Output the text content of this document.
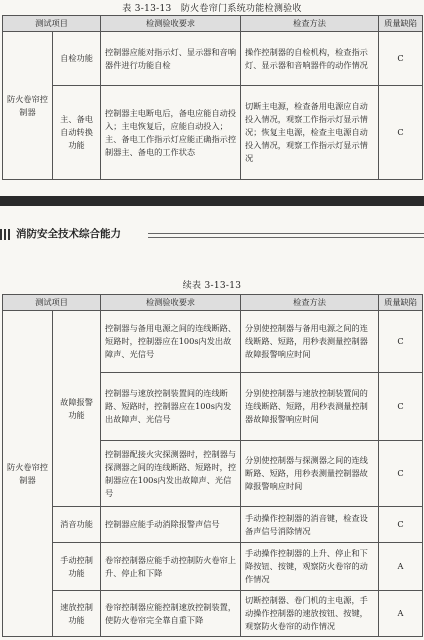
表 3-13-13　防火卷帘门系统功能检测验收
测试项目		检测验收要求	检查方法	质量缺陷
防火卷帘控制器	自检功能	控制器应能对指示灯、显示器和音响器件进行功能自检	操作控制器的自检机构，检查指示灯、显示器和音响器件的动作情况	C
	主、备电自动转换功能	控制器主电断电后，备电应能自动投入；主电恢复后，应能自动投入；主、备电工作指示灯应能正确指示控制器主、备电的工作状态	切断主电源，检查备用电源应自动投入情况，观察工作指示灯显示情况；恢复主电源，检查主电源自动投入情况，观察工作指示灯显示情况	C
消防安全技术综合能力
续表 3-13-13
测试项目		检测验收要求	检查方法	质量缺陷
防火卷帘控制器	故障报警功能	控制器与备用电源之间的连线断路、短路时，控制器应在100s内发出故障声、光信号	分别使控制器与备用电源之间的连线断路、短路，用秒表测量控制器故障报警响应时间	C
		控制器与速放控制装置间的连线断路、短路时，控制器应在100s内发出故障声、光信号	分别使控制器与速放控制装置间的连线断路、短路，用秒表测量控制器故障报警响应时间	C
		控制器配接火灾探测器时，控制器与探测器之间的连线断路、短路时，控制器应在100s内发出故障声、光信号	分别使控制器与探测器之间的连线断路、短路，用秒表测量控制器故障报警响应时间	C
	消音功能	控制器应能手动消除报警声信号	手动操作控制器的消音键，检查设备声信号消除情况	C
	手动控制功能	卷帘控制器应能手动控制防火卷帘上升、停止和下降	手动操作控制器的上升、停止和下降按钮、按键，观察防火卷帘的动作情况	A
	速放控制功能	卷帘控制器应能控制速放控制装置，使防火卷帘完全靠自重下降	切断控制器、卷门机的主电源，手动操作控制器的速放按钮、按键，观察防火卷帘的动作情况	A
